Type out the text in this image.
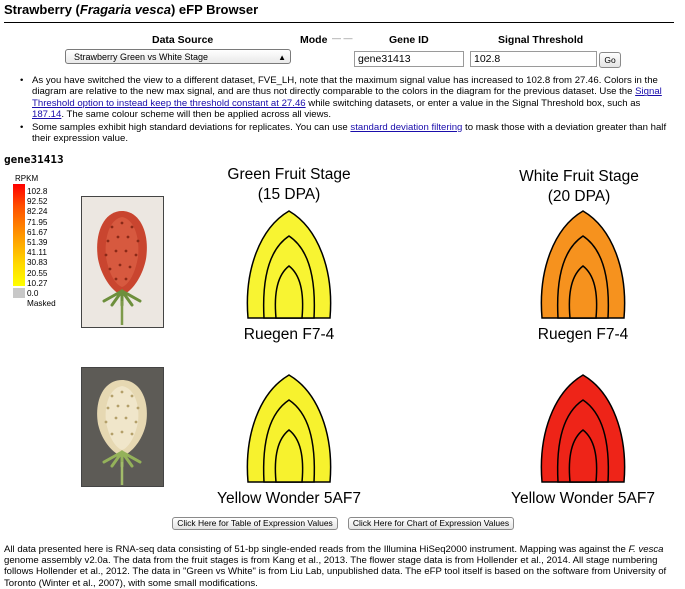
Strawberry (Fragaria vesca) eFP Browser
Data Source
Strawberry Green vs White Stage	▲︎
Mode — —	Gene ID
gene31413	Signal Threshold
102.8
Go
• As you have switched the view to a different dataset, FVE_LH, note that the maximum signal value has increased to 102.8 from 27.46. Colors in the diagram are relative to the new max signal, and are thus not directly comparable to the colors in the diagram for the previous dataset. Use the Signal Threshold option to instead keep the threshold constant at 27.46 while switching datasets, or enter a value in the Signal Threshold box, such as 187.14. The same colour scheme will then be applied across all views.
• Some samples exhibit high standard deviations for replicates. You can use standard deviation filtering to mask those with a deviation greater than half their expression value.
gene31413
RPKM
102.8
92.52
82.24
71.95
61.67
51.39
41.11
30.83
20.55
10.27
0.0
Masked
Green Fruit Stage
(15 DPA)
White Fruit Stage
(20 DPA)
Ruegen F7-4	Ruegen F7-4
Yellow Wonder 5AF7	Yellow Wonder 5AF7
Click Here for Table of Expression Values	Click Here for Chart of Expression Values
All data presented here is RNA-seq data consisting of 51-bp single-ended reads from the Illumina HiSeq2000 instrument. Mapping was against the F. vesca genome assembly v2.0a. The data from the fruit stages is from Kang et al., 2013. The flower stage data is from Hollender et al., 2014. All stage numbering follows Hollender et al., 2012. The data in "Green vs White" is from Liu Lab, unpublished data. The eFP tool itself is based on the software from University of Toronto (Winter et al., 2007), with some small modifications.
